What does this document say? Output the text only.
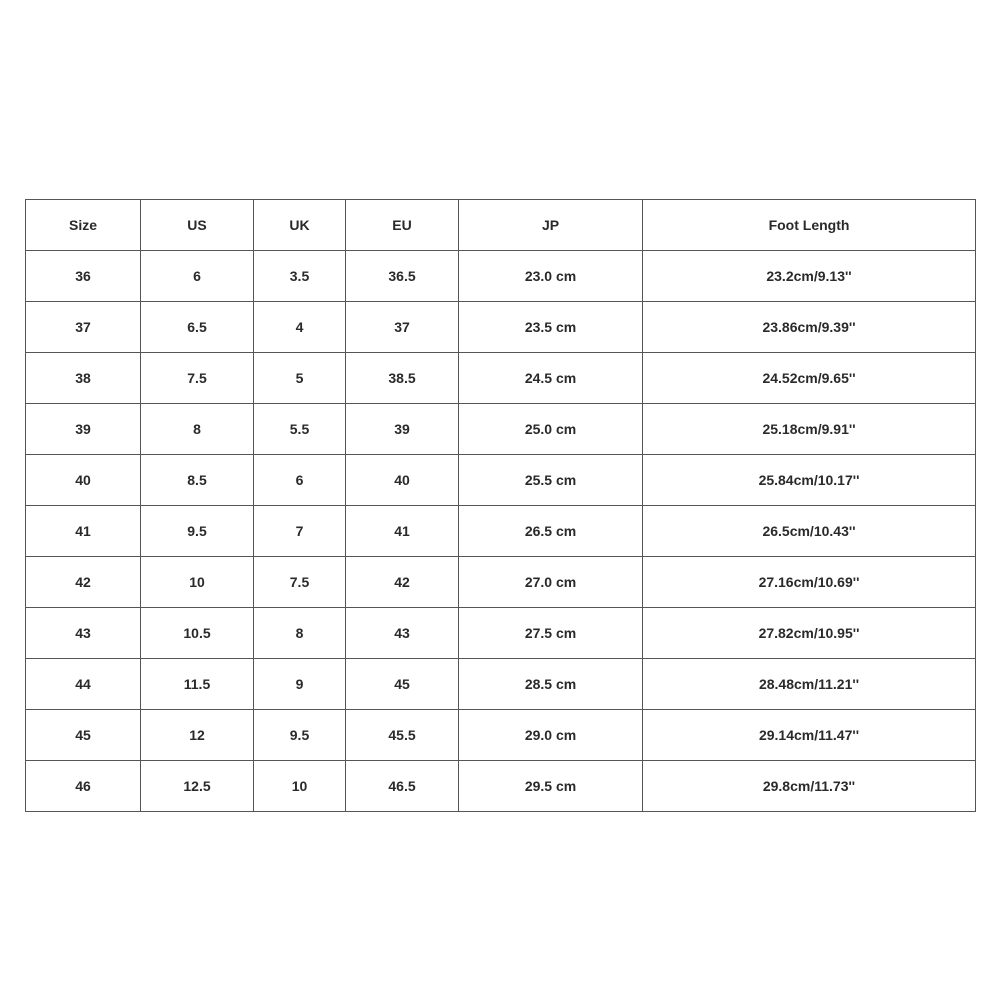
Size	US	UK	EU	JP	Foot Length
36	6	3.5	36.5	23.0 cm	23.2cm/9.13''
37	6.5	4	37	23.5 cm	23.86cm/9.39''
38	7.5	5	38.5	24.5 cm	24.52cm/9.65''
39	8	5.5	39	25.0 cm	25.18cm/9.91''
40	8.5	6	40	25.5 cm	25.84cm/10.17''
41	9.5	7	41	26.5 cm	26.5cm/10.43''
42	10	7.5	42	27.0 cm	27.16cm/10.69''
43	10.5	8	43	27.5 cm	27.82cm/10.95''
44	11.5	9	45	28.5 cm	28.48cm/11.21''
45	12	9.5	45.5	29.0 cm	29.14cm/11.47''
46	12.5	10	46.5	29.5 cm	29.8cm/11.73''
